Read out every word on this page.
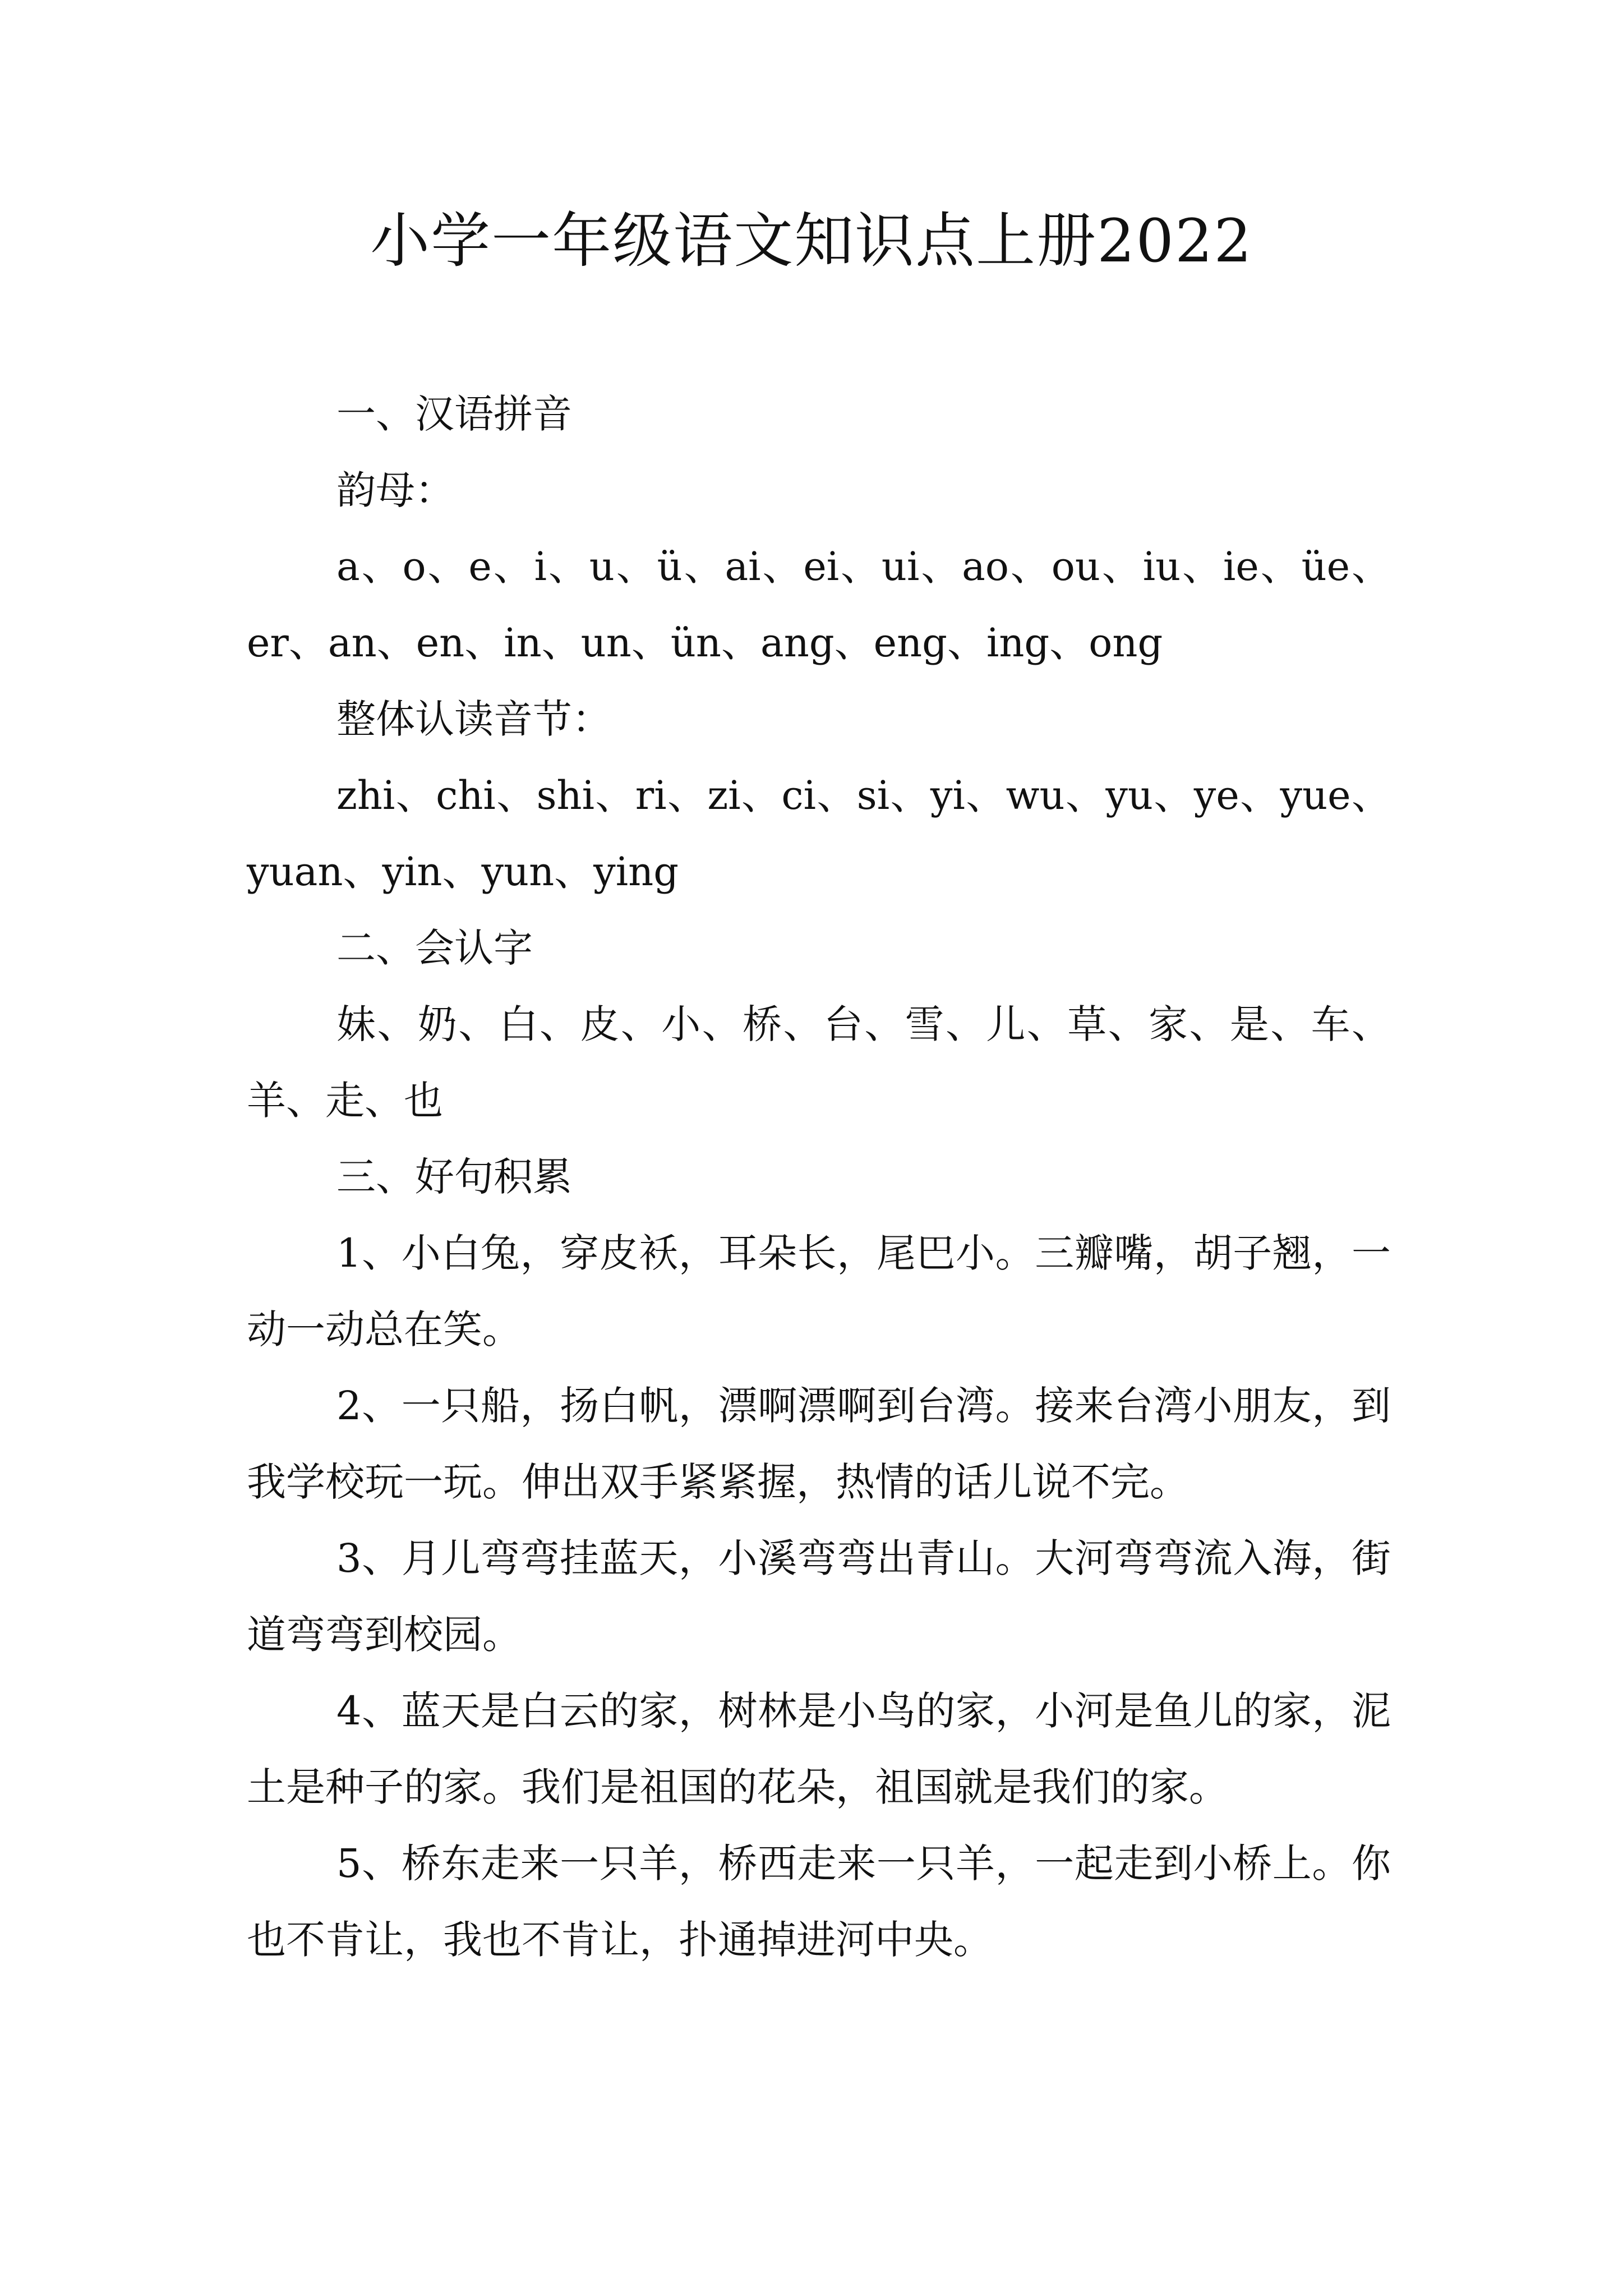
小学一年级语文知识点上册2022

一、汉语拼音

韵母：

a、o、e、i、u、ü、ai、ei、ui、ao、ou、iu、ie、üe、er、an、en、in、un、ün、ang、eng、ing、ong

整体认读音节：

zhi、chi、shi、ri、zi、ci、si、yi、wu、yu、ye、yue、yuan、yin、yun、ying

二、会认字

妹、奶、白、皮、小、桥、台、雪、儿、草、家、是、车、羊、走、也

三、好句积累

1、小白兔，穿皮袄，耳朵长，尾巴小。三瓣嘴，胡子翘，一动一动总在笑。

2、一只船，扬白帆，漂啊漂啊到台湾。接来台湾小朋友，到我学校玩一玩。伸出双手紧紧握，热情的话儿说不完。

3、月儿弯弯挂蓝天，小溪弯弯出青山。大河弯弯流入海，街道弯弯到校园。

4、蓝天是白云的家，树林是小鸟的家，小河是鱼儿的家，泥土是种子的家。我们是祖国的花朵，祖国就是我们的家。

5、桥东走来一只羊，桥西走来一只羊，一起走到小桥上。你也不肯让，我也不肯让，扑通掉进河中央。
